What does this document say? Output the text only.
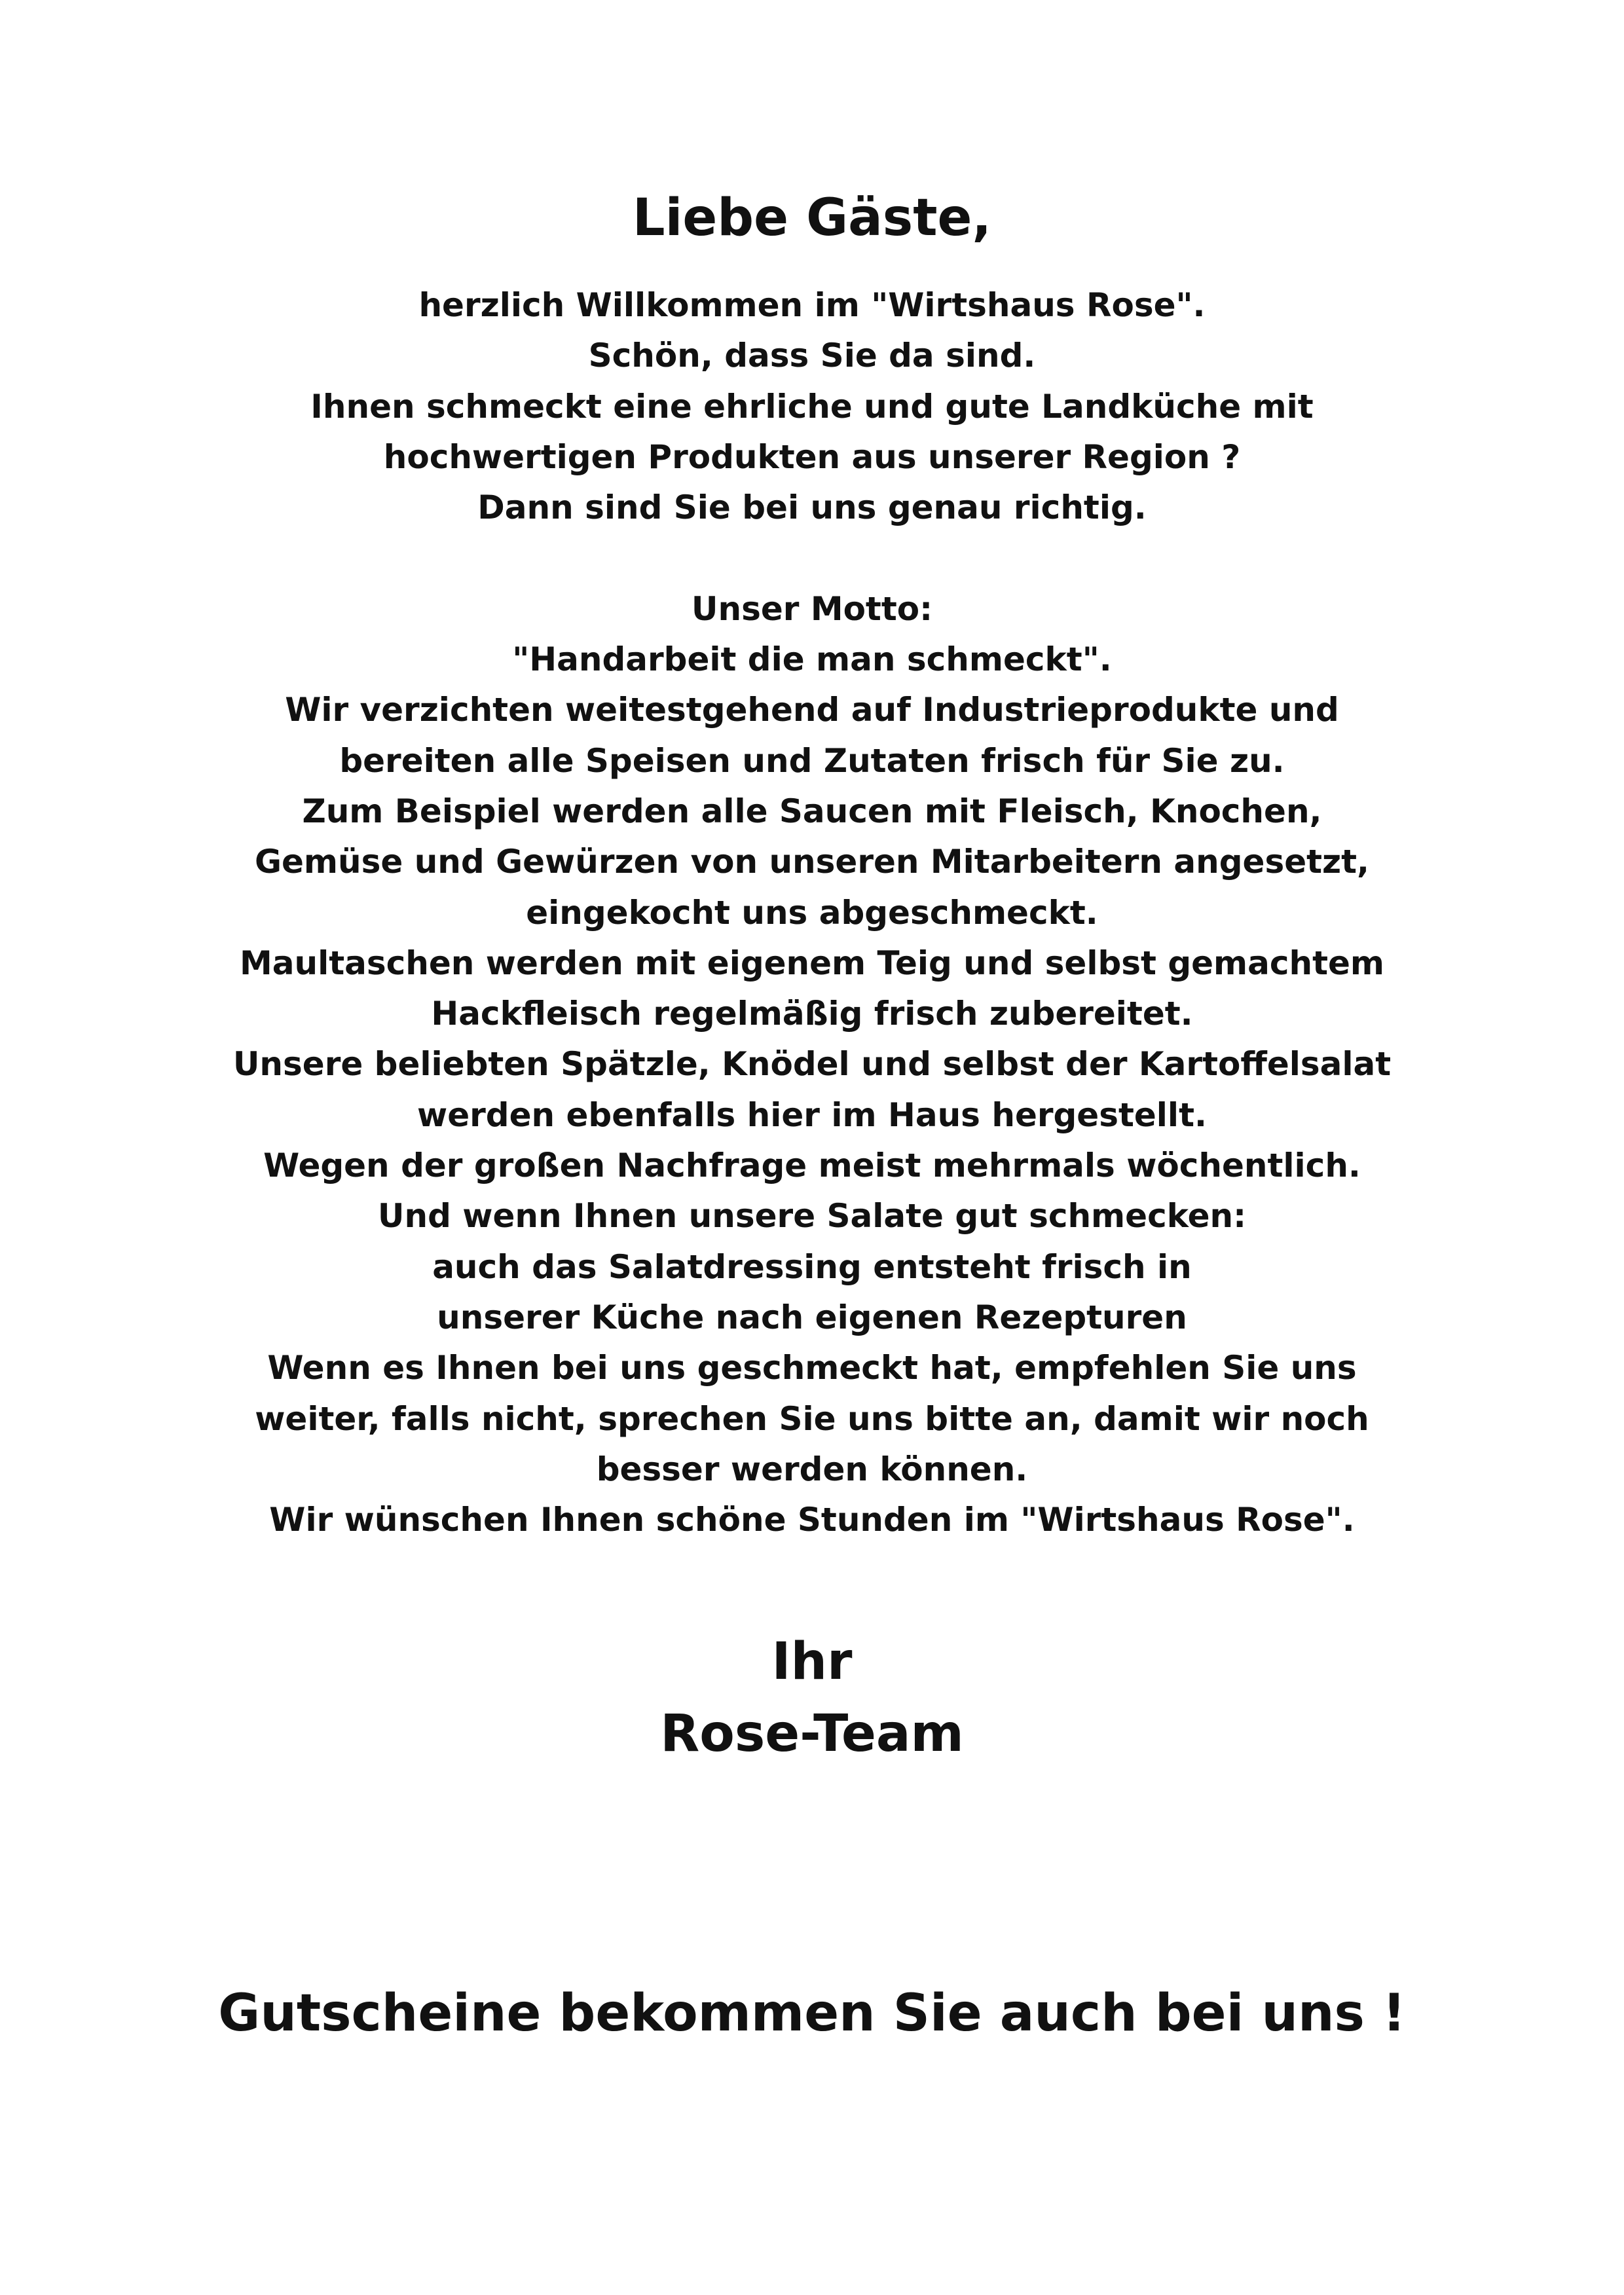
Liebe Gäste,
herzlich Willkommen im "Wirtshaus Rose".
Schön, dass Sie da sind.
Ihnen schmeckt eine ehrliche und gute Landküche mit
hochwertigen Produkten aus unserer Region ?
Dann sind Sie bei uns genau richtig.
Unser Motto:
"Handarbeit die man schmeckt".
Wir verzichten weitestgehend auf Industrieprodukte und
bereiten alle Speisen und Zutaten frisch für Sie zu.
Zum Beispiel werden alle Saucen mit Fleisch, Knochen,
Gemüse und Gewürzen von unseren Mitarbeitern angesetzt,
eingekocht uns abgeschmeckt.
Maultaschen werden mit eigenem Teig und selbst gemachtem
Hackfleisch regelmäßig frisch zubereitet.
Unsere beliebten Spätzle, Knödel und selbst der Kartoffelsalat
werden ebenfalls hier im Haus hergestellt.
Wegen der großen Nachfrage meist mehrmals wöchentlich.
Und wenn Ihnen unsere Salate gut schmecken:
auch das Salatdressing entsteht frisch in
unserer Küche nach eigenen Rezepturen
Wenn es Ihnen bei uns geschmeckt hat, empfehlen Sie uns
weiter, falls nicht, sprechen Sie uns bitte an, damit wir noch
besser werden können.
Wir wünschen Ihnen schöne Stunden im "Wirtshaus Rose".
Ihr
Rose-Team
Gutscheine bekommen Sie auch bei uns !
